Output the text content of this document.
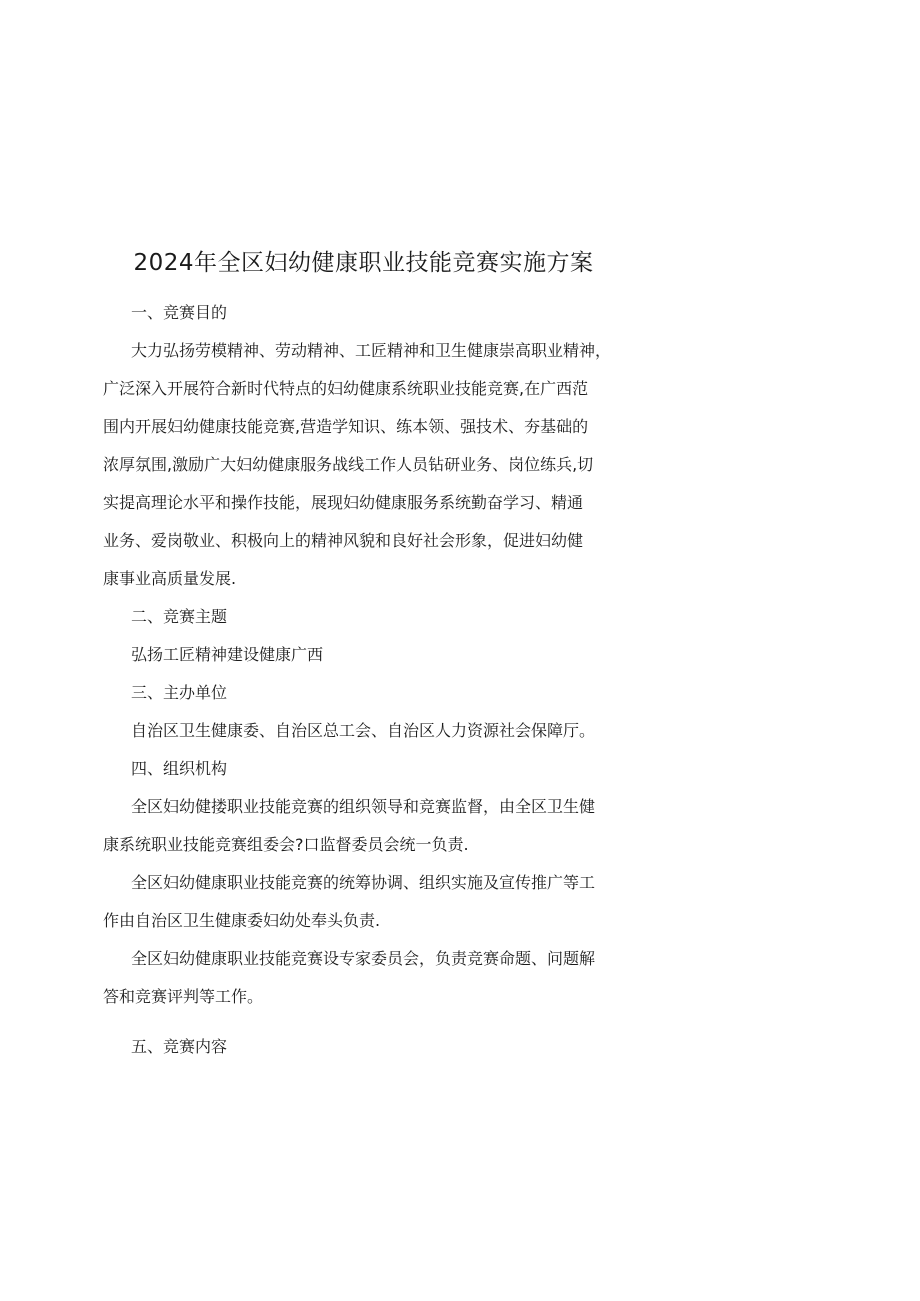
2024年全区妇幼健康职业技能竞赛实施方案
一、竞赛目的
大力弘扬劳模精神、劳动精神、工匠精神和卫生健康崇高职业精神，
广泛深入开展符合新时代特点的妇幼健康系统职业技能竞赛,在广西范
围内开展妇幼健康技能竞赛,营造学知识、练本领、强技术、夯基础的
浓厚氛围,激励广大妇幼健康服务战线工作人员钻研业务、岗位练兵,切
实提高理论水平和操作技能，展现妇幼健康服务系统勤奋学习、精通
业务、爱岗敬业、积极向上的精神风貌和良好社会形象，促进妇幼健
康事业高质量发展.
二、竞赛主题
弘扬工匠精神建设健康广西
三、主办单位
自治区卫生健康委、自治区总工会、自治区人力资源社会保障厅。
四、组织机构
全区妇幼健搂职业技能竞赛的组织领导和竞赛监督，由全区卫生健
康系统职业技能竞赛组委会?口监督委员会统一负责.
全区妇幼健康职业技能竞赛的统筹协调、组织实施及宣传推广等工
作由自治区卫生健康委妇幼处奉头负责.
全区妇幼健康职业技能竞赛设专家委员会，负责竞赛命题、问题解
答和竞赛评判等工作。
五、竞赛内容
